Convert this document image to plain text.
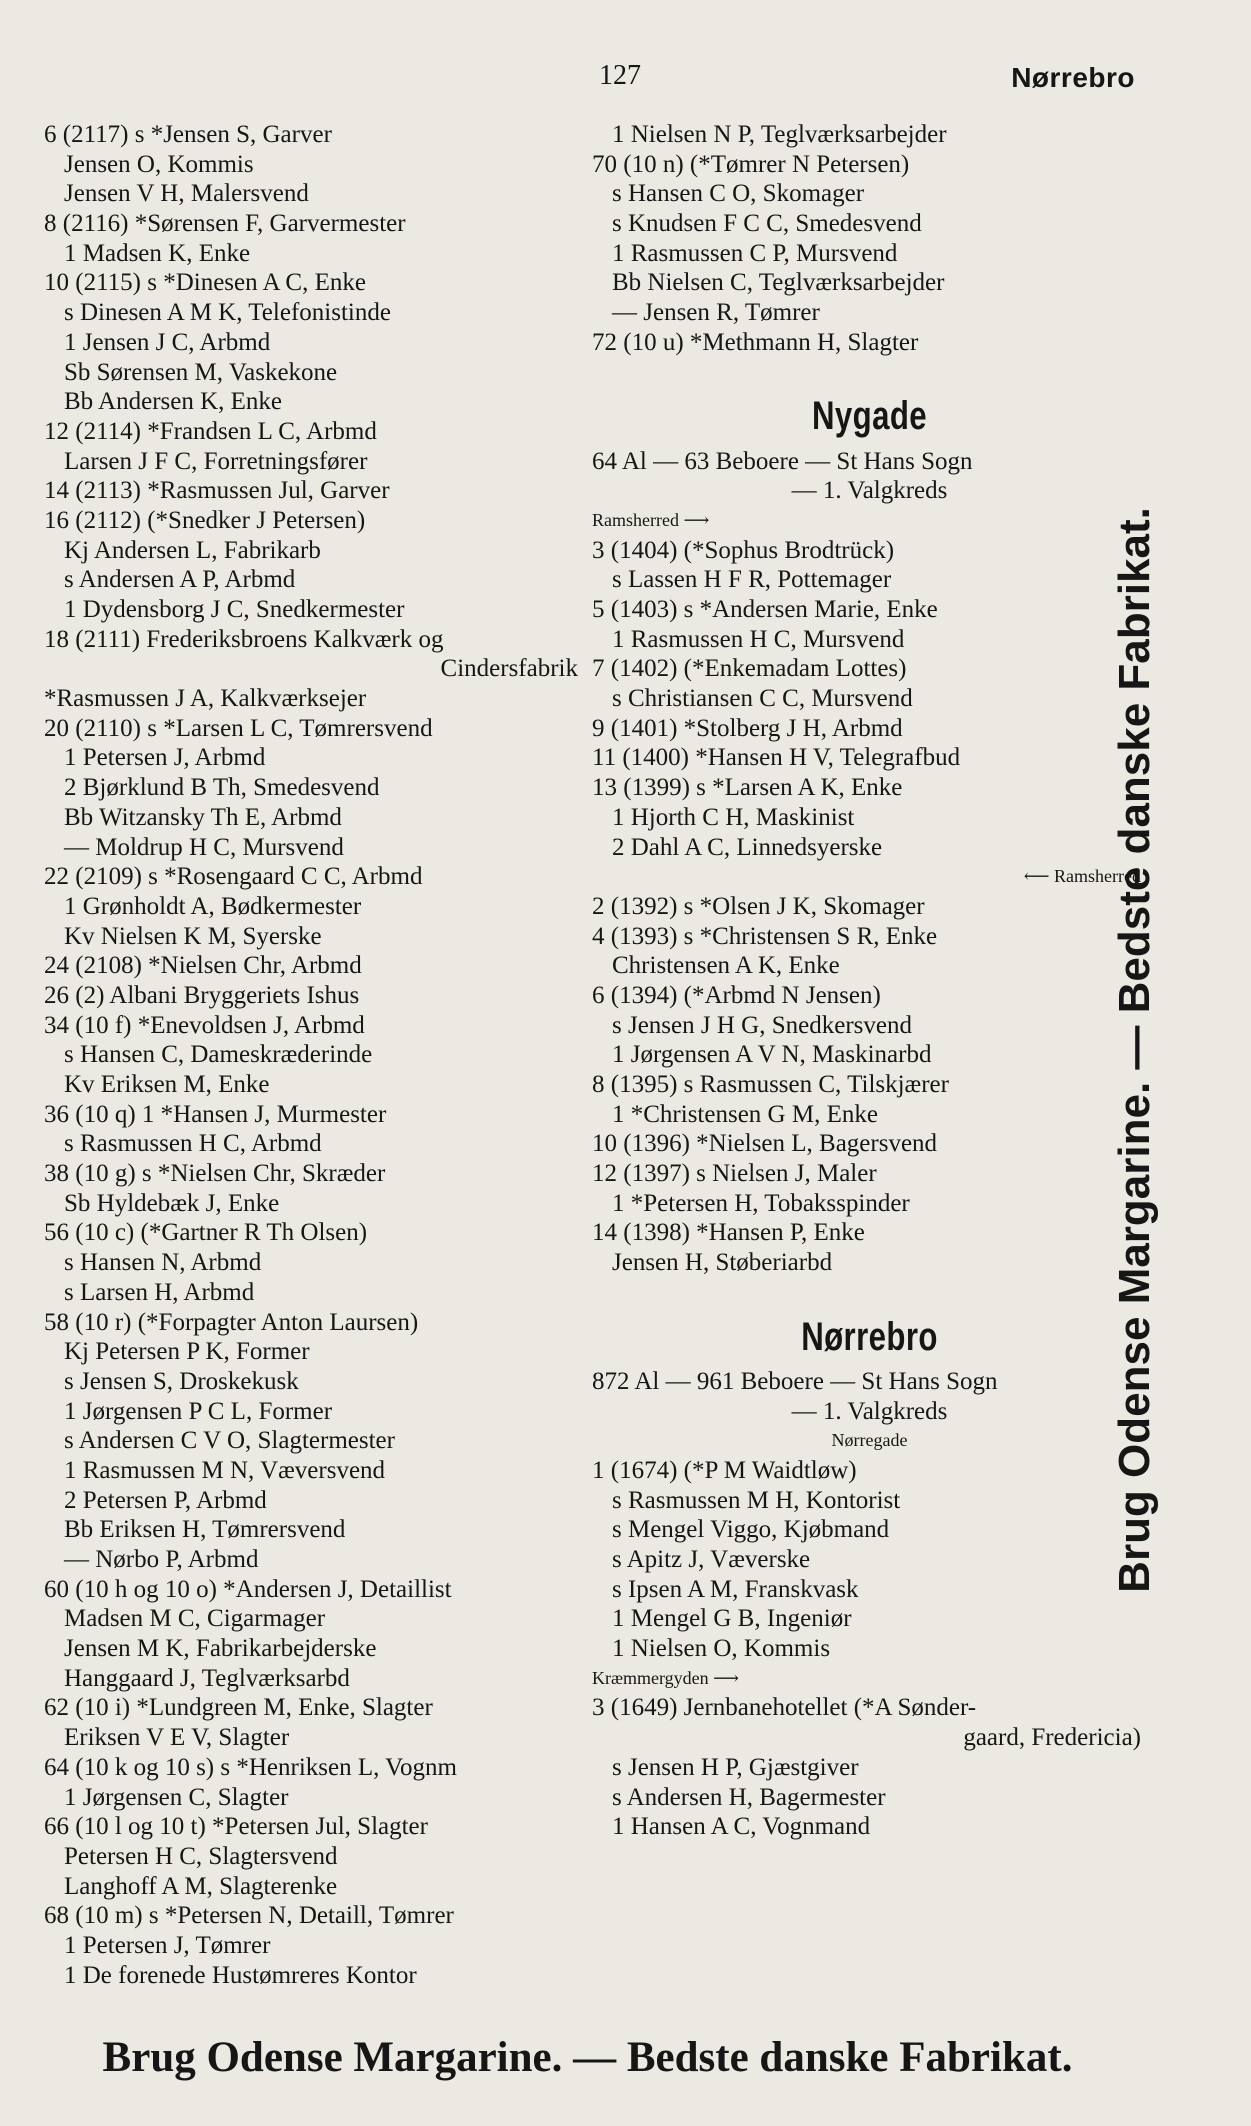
127	Nørrebro
6 (2117) s *Jensen S, Garver
Jensen O, Kommis
Jensen V H, Malersvend
8 (2116) *Sørensen F, Garvermester
1 Madsen K, Enke
10 (2115) s *Dinesen A C, Enke
s Dinesen A M K, Telefonistinde
1 Jensen J C, Arbmd
Sb Sørensen M, Vaskekone
Bb Andersen K, Enke
12 (2114) *Frandsen L C, Arbmd
Larsen J F C, Forretningsfører
14 (2113) *Rasmussen Jul, Garver
16 (2112) (*Snedker J Petersen)
Kj Andersen L, Fabrikarb
s Andersen A P, Arbmd
1 Dydensborg J C, Snedkermester
18 (2111) Frederiksbroens Kalkværk og
Cindersfabrik
*Rasmussen J A, Kalkværksejer
20 (2110) s *Larsen L C, Tømrersvend
1 Petersen J, Arbmd
2 Bjørklund B Th, Smedesvend
Bb Witzansky Th E, Arbmd
— Moldrup H C, Mursvend
22 (2109) s *Rosengaard C C, Arbmd
1 Grønholdt A, Bødkermester
Kv Nielsen K M, Syerske
24 (2108) *Nielsen Chr, Arbmd
26 (2) Albani Bryggeriets Ishus
34 (10 f) *Enevoldsen J, Arbmd
s Hansen C, Dameskræderinde
Kv Eriksen M, Enke
36 (10 q) 1 *Hansen J, Murmester
s Rasmussen H C, Arbmd
38 (10 g) s *Nielsen Chr, Skræder
Sb Hyldebæk J, Enke
56 (10 c) (*Gartner R Th Olsen)
s Hansen N, Arbmd
s Larsen H, Arbmd
58 (10 r) (*Forpagter Anton Laursen)
Kj Petersen P K, Former
s Jensen S, Droskekusk
1 Jørgensen P C L, Former
s Andersen C V O, Slagtermester
1 Rasmussen M N, Væversvend
2 Petersen P, Arbmd
Bb Eriksen H, Tømrersvend
— Nørbo P, Arbmd
60 (10 h og 10 o) *Andersen J, Detaillist
Madsen M C, Cigarmager
Jensen M K, Fabrikarbejderske
Hanggaard J, Teglværksarbd
62 (10 i) *Lundgreen M, Enke, Slagter
Eriksen V E V, Slagter
64 (10 k og 10 s) s *Henriksen L, Vognm
1 Jørgensen C, Slagter
66 (10 l og 10 t) *Petersen Jul, Slagter
Petersen H C, Slagtersvend
Langhoff A M, Slagterenke
68 (10 m) s *Petersen N, Detaill, Tømrer
1 Petersen J, Tømrer
1 De forenede Hustømreres Kontor
1 Nielsen N P, Teglværksarbejder
70 (10 n) (*Tømrer N Petersen)
s Hansen C O, Skomager
s Knudsen F C C, Smedesvend
1 Rasmussen C P, Mursvend
Bb Nielsen C, Teglværksarbejder
— Jensen R, Tømrer
72 (10 u) *Methmann H, Slagter
Nygade
64 Al — 63 Beboere — St Hans Sogn
— 1. Valgkreds
Ramsherred ⟶
3 (1404) (*Sophus Brodtrück)
s Lassen H F R, Pottemager
5 (1403) s *Andersen Marie, Enke
1 Rasmussen H C, Mursvend
7 (1402) (*Enkemadam Lottes)
s Christiansen C C, Mursvend
9 (1401) *Stolberg J H, Arbmd
11 (1400) *Hansen H V, Telegrafbud
13 (1399) s *Larsen A K, Enke
1 Hjorth C H, Maskinist
2 Dahl A C, Linnedsyerske
⟵ Ramsherred
2 (1392) s *Olsen J K, Skomager
4 (1393) s *Christensen S R, Enke
Christensen A K, Enke
6 (1394) (*Arbmd N Jensen)
s Jensen J H G, Snedkersvend
1 Jørgensen A V N, Maskinarbd
8 (1395) s Rasmussen C, Tilskjærer
1 *Christensen G M, Enke
10 (1396) *Nielsen L, Bagersvend
12 (1397) s Nielsen J, Maler
1 *Petersen H, Tobaksspinder
14 (1398) *Hansen P, Enke
Jensen H, Støberiarbd
Nørrebro
872 Al — 961 Beboere — St Hans Sogn
— 1. Valgkreds
Nørregade
1 (1674) (*P M Waidtløw)
s Rasmussen M H, Kontorist
s Mengel Viggo, Kjøbmand
s Apitz J, Væverske
s Ipsen A M, Franskvask
1 Mengel G B, Ingeniør
1 Nielsen O, Kommis
Kræmmergyden ⟶
3 (1649) Jernbanehotellet (*A Sønder-
gaard, Fredericia)
s Jensen H P, Gjæstgiver
s Andersen H, Bagermester
1 Hansen A C, Vognmand
Brug Odense Margarine. — Bedste danske Fabrikat.
Brug Odense Margarine. — Bedste danske Fabrikat.
